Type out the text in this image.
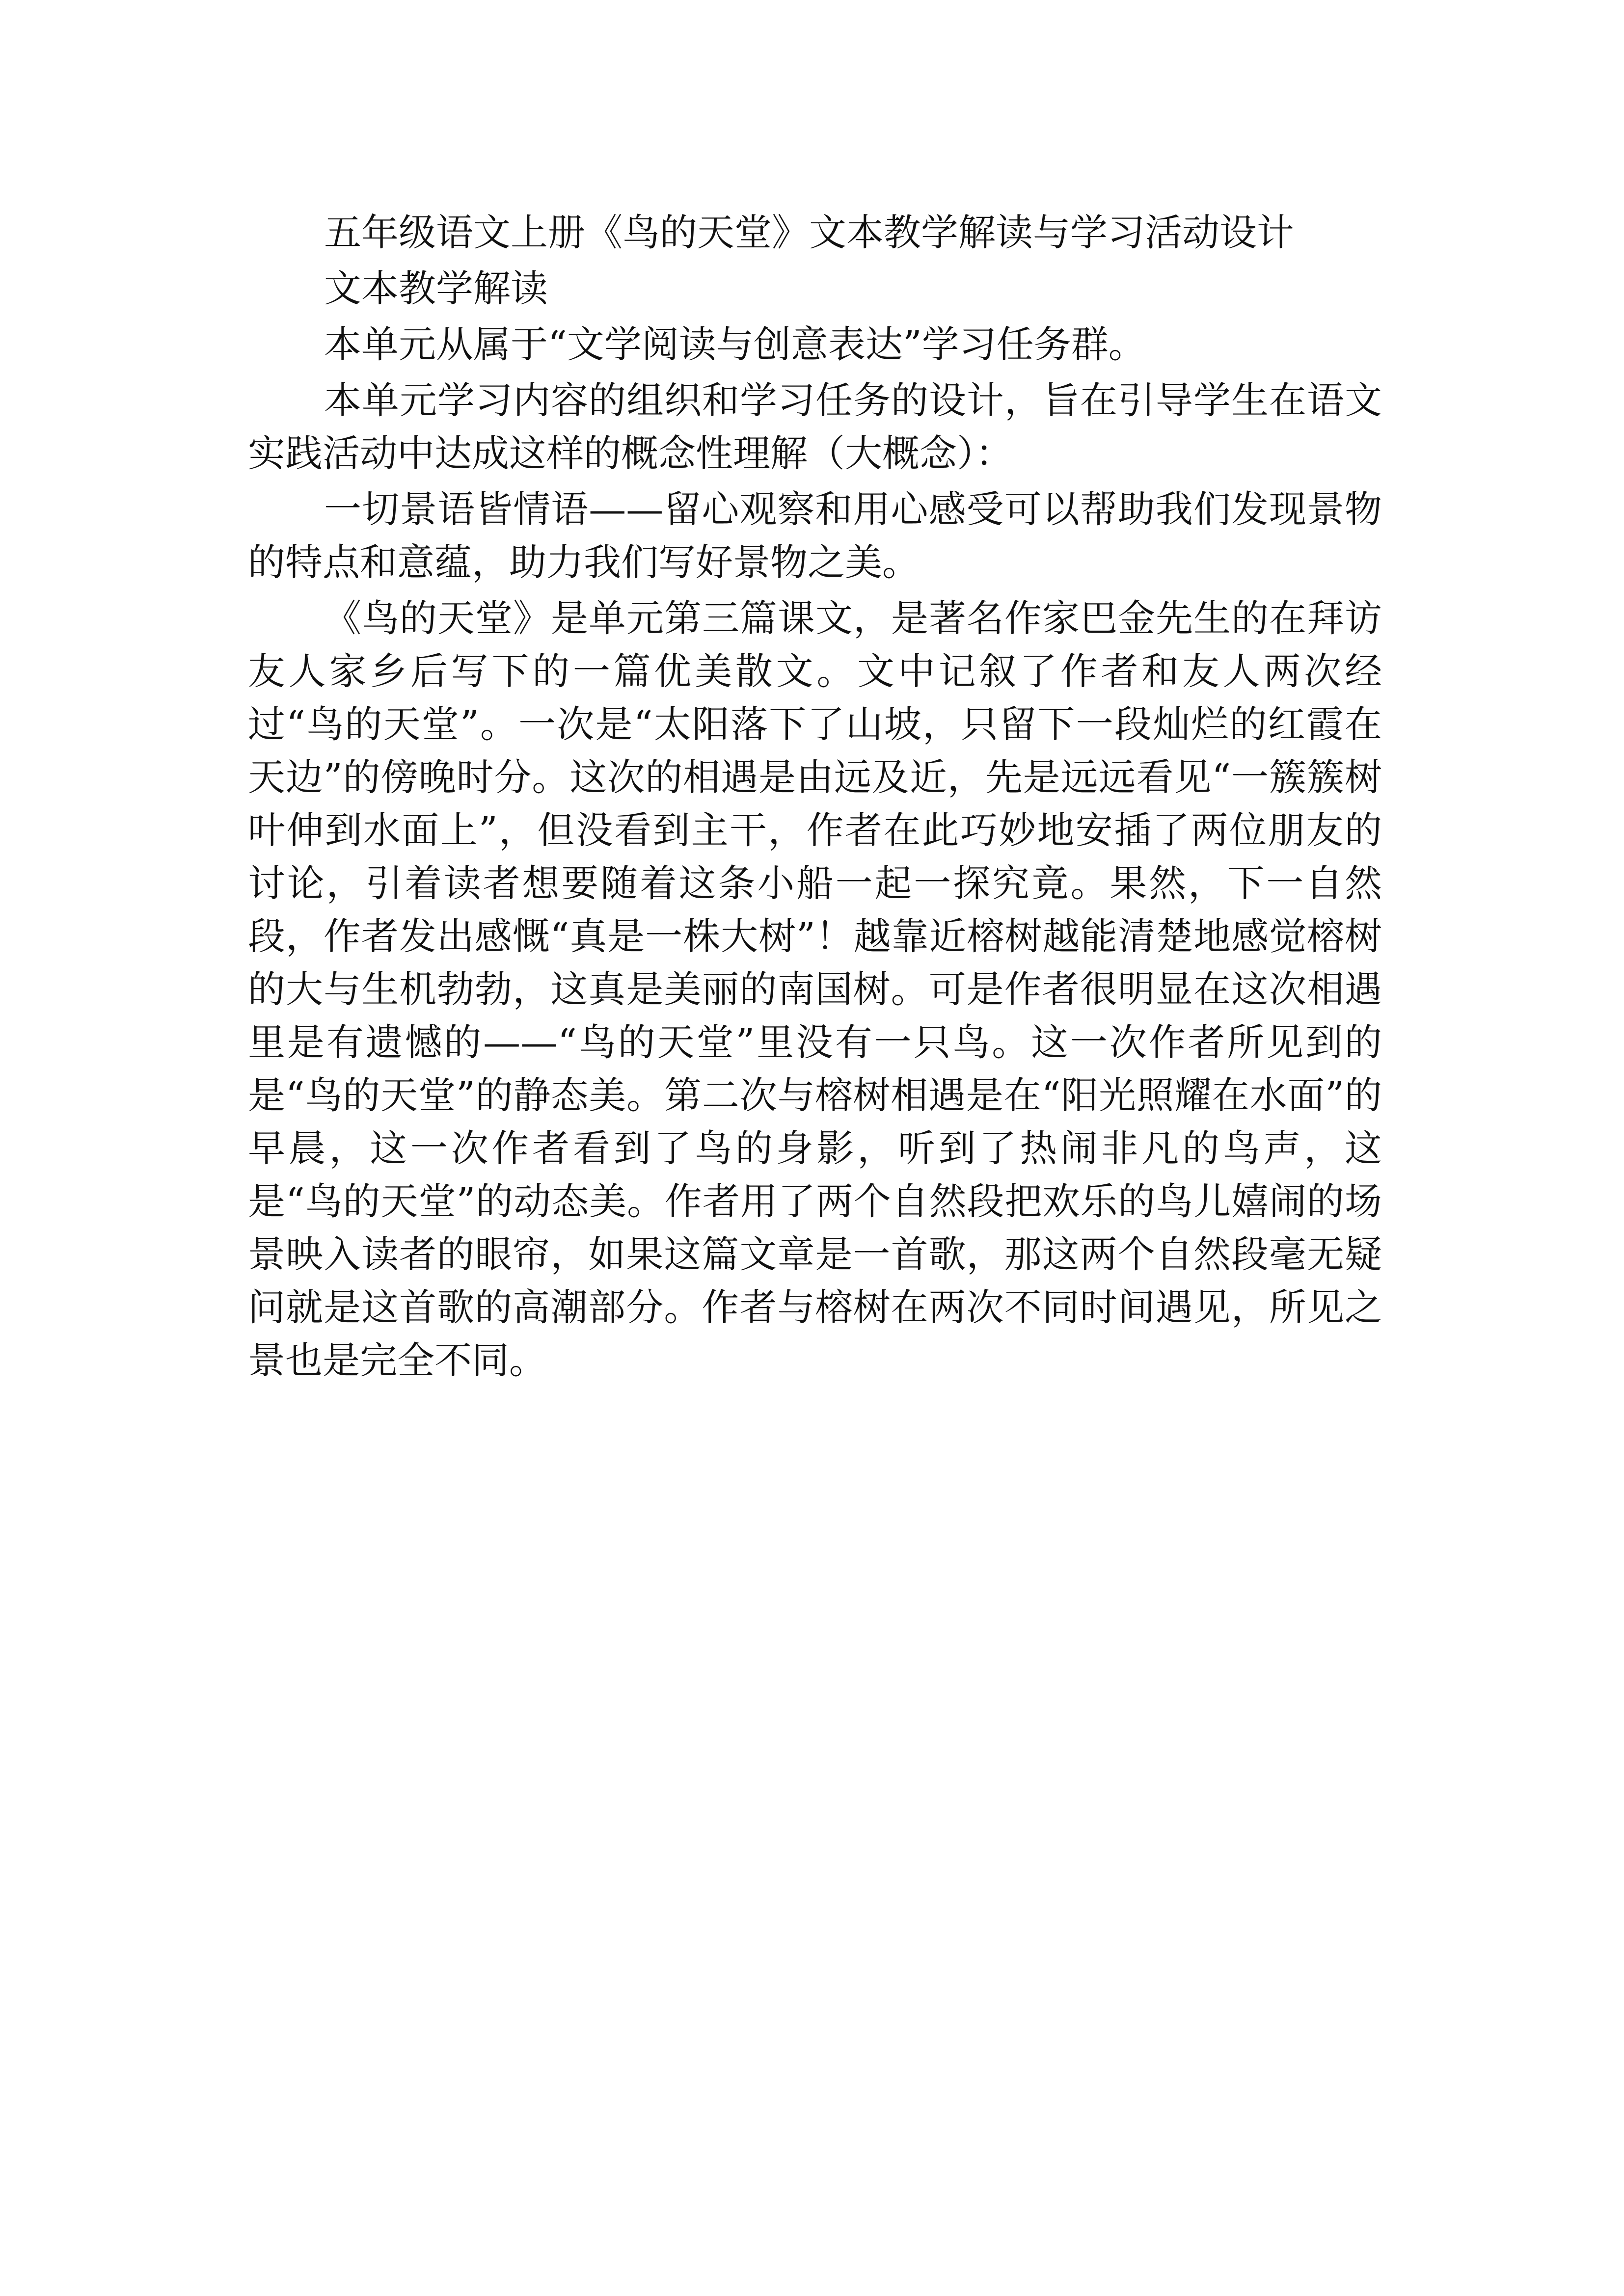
五年级语文上册《鸟的天堂》文本教学解读与学习活动设计

文本教学解读

本单元从属于“文学阅读与创意表达”学习任务群。

本单元学习内容的组织和学习任务的设计，旨在引导学生在语文实践活动中达成这样的概念性理解（大概念）：

一切景语皆情语——留心观察和用心感受可以帮助我们发现景物的特点和意蕴，助力我们写好景物之美。

《鸟的天堂》是单元第三篇课文，是著名作家巴金先生的在拜访友人家乡后写下的一篇优美散文。文中记叙了作者和友人两次经过“鸟的天堂”。一次是“太阳落下了山坡，只留下一段灿烂的红霞在天边”的傍晚时分。这次的相遇是由远及近，先是远远看见“一簇簇树叶伸到水面上”，但没看到主干，作者在此巧妙地安插了两位朋友的讨论，引着读者想要随着这条小船一起一探究竟。果然，下一自然段，作者发出感慨“真是一株大树”！越靠近榕树越能清楚地感觉榕树的大与生机勃勃，这真是美丽的南国树。可是作者很明显在这次相遇里是有遗憾的——“鸟的天堂”里没有一只鸟。这一次作者所见到的是“鸟的天堂”的静态美。第二次与榕树相遇是在“阳光照耀在水面”的早晨，这一次作者看到了鸟的身影，听到了热闹非凡的鸟声，这是“鸟的天堂”的动态美。作者用了两个自然段把欢乐的鸟儿嬉闹的场景映入读者的眼帘，如果这篇文章是一首歌，那这两个自然段毫无疑问就是这首歌的高潮部分。作者与榕树在两次不同时间遇见，所见之景也是完全不同。
